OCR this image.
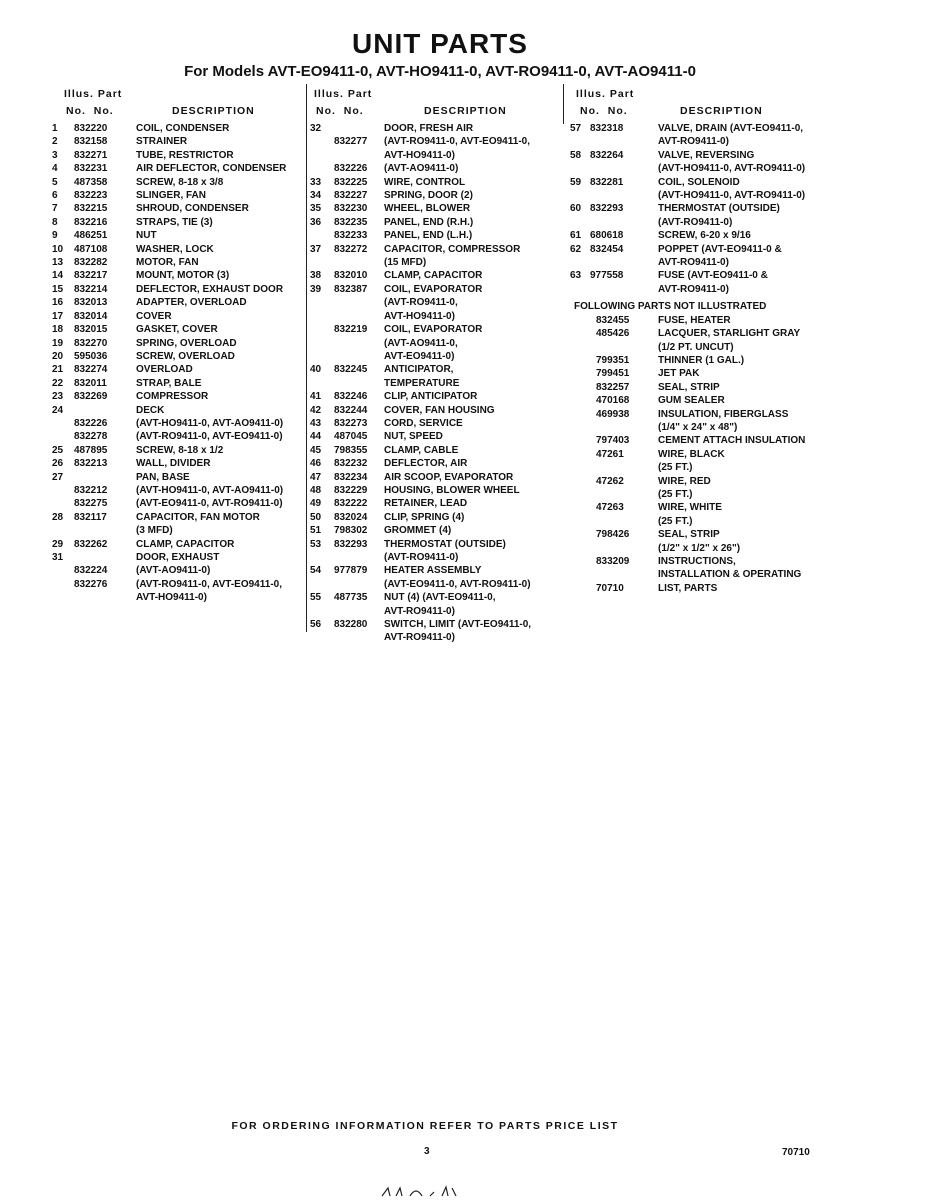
UNIT PARTS
For Models AVT-EO9411-0, AVT-HO9411-0, AVT-RO9411-0, AVT-AO9411-0
Illus. Part
No. No.	DESCRIPTION
1	832220	COIL, CONDENSER
2	832158	STRAINER
3	832271	TUBE, RESTRICTOR
4	832231	AIR DEFLECTOR, CONDENSER
5	487358	SCREW, 8-18 x 3/8
6	832223	SLINGER, FAN
7	832215	SHROUD, CONDENSER
8	832216	STRAPS, TIE (3)
9	486251	NUT
10	487108	WASHER, LOCK
13	832282	MOTOR, FAN
14	832217	MOUNT, MOTOR (3)
15	832214	DEFLECTOR, EXHAUST DOOR
16	832013	ADAPTER, OVERLOAD
17	832014	COVER
18	832015	GASKET, COVER
19	832270	SPRING, OVERLOAD
20	595036	SCREW, OVERLOAD
21	832274	OVERLOAD
22	832011	STRAP, BALE
23	832269	COMPRESSOR
24	DECK
832226	(AVT-HO9411-0, AVT-AO9411-0)
832278	(AVT-RO9411-0, AVT-EO9411-0)
25	487895	SCREW, 8-18 x 1/2
26	832213	WALL, DIVIDER
27	PAN, BASE
832212	(AVT-HO9411-0, AVT-AO9411-0)
832275	(AVT-EO9411-0, AVT-RO9411-0)
28	832117	CAPACITOR, FAN MOTOR
(3 MFD)
29	832262	CLAMP, CAPACITOR
31	DOOR, EXHAUST
832224	(AVT-AO9411-0)
832276	(AVT-RO9411-0, AVT-EO9411-0,
AVT-HO9411-0)
Illus. Part
No. No.	DESCRIPTION
32	DOOR, FRESH AIR
832277	(AVT-RO9411-0, AVT-EO9411-0,
AVT-HO9411-0)
832226	(AVT-AO9411-0)
33	832225	WIRE, CONTROL
34	832227	SPRING, DOOR (2)
35	832230	WHEEL, BLOWER
36	832235	PANEL, END (R.H.)
832233	PANEL, END (L.H.)
37	832272	CAPACITOR, COMPRESSOR
(15 MFD)
38	832010	CLAMP, CAPACITOR
39	832387	COIL, EVAPORATOR
(AVT-RO9411-0,
AVT-HO9411-0)
832219	COIL, EVAPORATOR
(AVT-AO9411-0,
AVT-EO9411-0)
40	832245	ANTICIPATOR,
TEMPERATURE
41	832246	CLIP, ANTICIPATOR
42	832244	COVER, FAN HOUSING
43	832273	CORD, SERVICE
44	487045	NUT, SPEED
45	798355	CLAMP, CABLE
46	832232	DEFLECTOR, AIR
47	832234	AIR SCOOP, EVAPORATOR
48	832229	HOUSING, BLOWER WHEEL
49	832222	RETAINER, LEAD
50	832024	CLIP, SPRING (4)
51	798302	GROMMET (4)
53	832293	THERMOSTAT (OUTSIDE)
(AVT-RO9411-0)
54	977879	HEATER ASSEMBLY
(AVT-EO9411-0, AVT-RO9411-0)
55	487735	NUT (4) (AVT-EO9411-0,
AVT-RO9411-0)
56	832280	SWITCH, LIMIT (AVT-EO9411-0,
AVT-RO9411-0)
Illus. Part
No. No.	DESCRIPTION
57 832318	VALVE, DRAIN (AVT-EO9411-0,
AVT-RO9411-0)
58 832264	VALVE, REVERSING
(AVT-HO9411-0, AVT-RO9411-0)
59 832281	COIL, SOLENOID
(AVT-HO9411-0, AVT-RO9411-0)
60 832293	THERMOSTAT (OUTSIDE)
(AVT-RO9411-0)
61 680618	SCREW, 6-20 x 9/16
62 832454	POPPET (AVT-EO9411-0 &
AVT-RO9411-0)
63 977558	FUSE (AVT-EO9411-0 &
AVT-RO9411-0)
FOLLOWING PARTS NOT ILLUSTRATED
832455	FUSE, HEATER
485426	LACQUER, STARLIGHT GRAY
(1/2 PT. UNCUT)
799351	THINNER (1 GAL.)
799451	JET PAK
832257	SEAL, STRIP
470168	GUM SEALER
469938	INSULATION, FIBERGLASS
(1/4" x 24" x 48")
797403	CEMENT ATTACH INSULATION
47261	WIRE, BLACK
(25 FT.)
47262	WIRE, RED
(25 FT.)
47263	WIRE, WHITE
(25 FT.)
798426	SEAL, STRIP
(1/2" x 1/2" x 26")
833209	INSTRUCTIONS,
INSTALLATION & OPERATING
70710	LIST, PARTS
FOR ORDERING INFORMATION REFER TO PARTS PRICE LIST
3	70710
